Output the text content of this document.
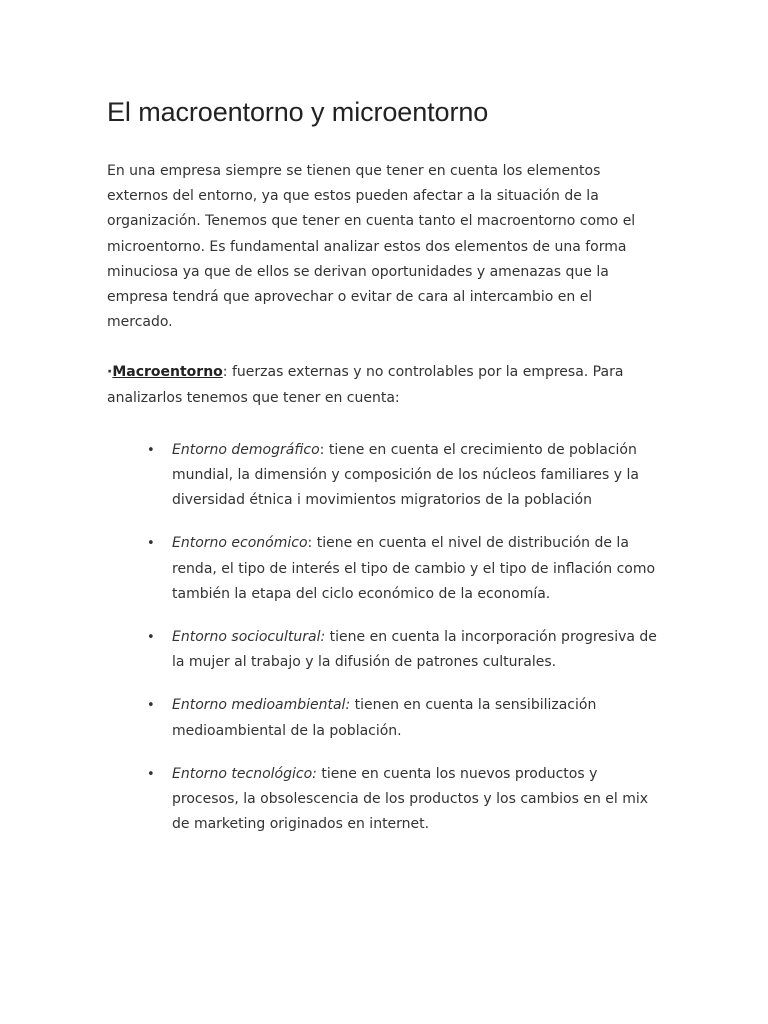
El macroentorno y microentorno

En una empresa siempre se tienen que tener en cuenta los elementos externos del entorno, ya que estos pueden afectar a la situación de la organización. Tenemos que tener en cuenta tanto el macroentorno como el microentorno. Es fundamental analizar estos dos elementos de una forma minuciosa ya que de ellos se derivan oportunidades y amenazas que la empresa tendrá que aprovechar o evitar de cara al intercambio en el mercado.

·Macroentorno: fuerzas externas y no controlables por la empresa. Para analizarlos tenemos que tener en cuenta:

• Entorno demográfico: tiene en cuenta el crecimiento de población mundial, la dimensión y composición de los núcleos familiares y la diversidad étnica i movimientos migratorios de la población
• Entorno económico: tiene en cuenta el nivel de distribución de la renda, el tipo de interés el tipo de cambio y el tipo de inflación como también la etapa del ciclo económico de la economía.
• Entorno sociocultural: tiene en cuenta la incorporación progresiva de la mujer al trabajo y la difusión de patrones culturales.
• Entorno medioambiental: tienen en cuenta la sensibilización medioambiental de la población.
• Entorno tecnológico: tiene en cuenta los nuevos productos y procesos, la obsolescencia de los productos y los cambios en el mix de marketing originados en internet.
